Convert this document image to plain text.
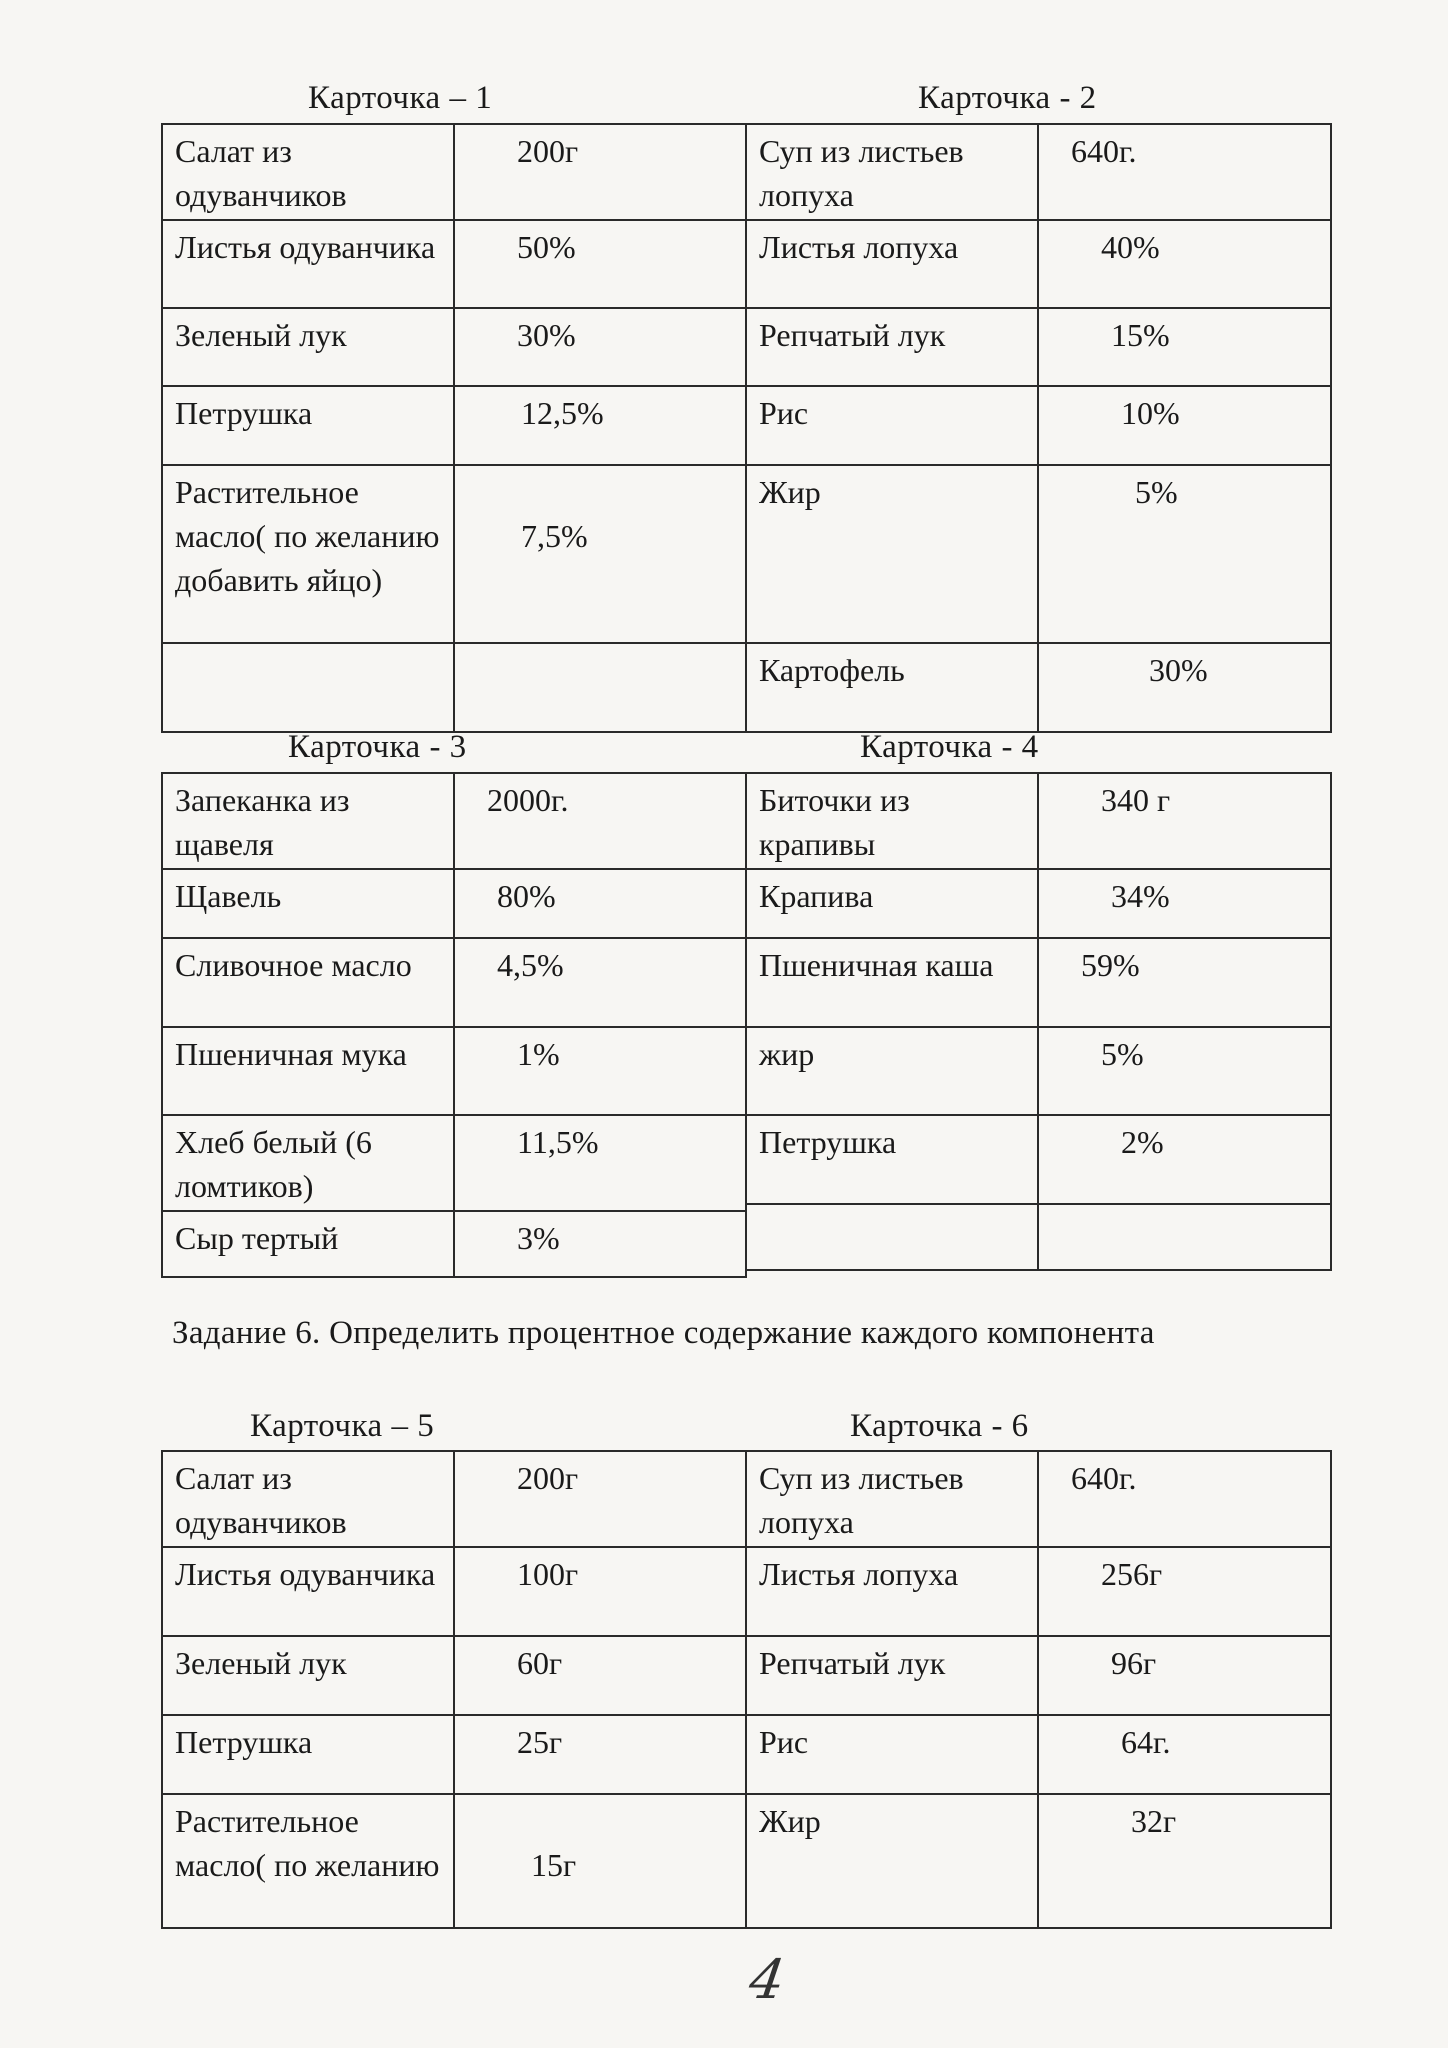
Карточка – 1
Салат из одуванчиков	200г

Листья одуванчика	50%

Зеленый лук	30%

Петрушка	12,5%

Растительное масло( по желанию добавить яйцо)	7,5%

Карточка - 2
Суп из листьев лопуха	640г.

Листья лопуха	40%

Репчатый лук	15%

Рис	10%

Жир	5%

Картофель	30%
Карточка - 3
Запеканка из щавеля	2000г.

Щавель	80%

Сливочное масло	4,5%

Пшеничная мука	1%

Хлеб белый (6 ломтиков)	11,5%

Сыр тертый	3%
Карточка - 4
Биточки из крапивы	340 г

Крапива	34%

Пшеничная каша	59%

жир	5%

Петрушка	2%

Задание 6. Определить процентное содержание каждого компонента
Карточка – 5
Салат из одуванчиков	200г

Листья одуванчика	100г

Зеленый лук	60г

Петрушка	25г

Растительное масло( по желанию	15г
Карточка - 6
Суп из листьев лопуха	640г.

Листья лопуха	256г

Репчатый лук	96г

Рис	64г.

Жир	32г
4
